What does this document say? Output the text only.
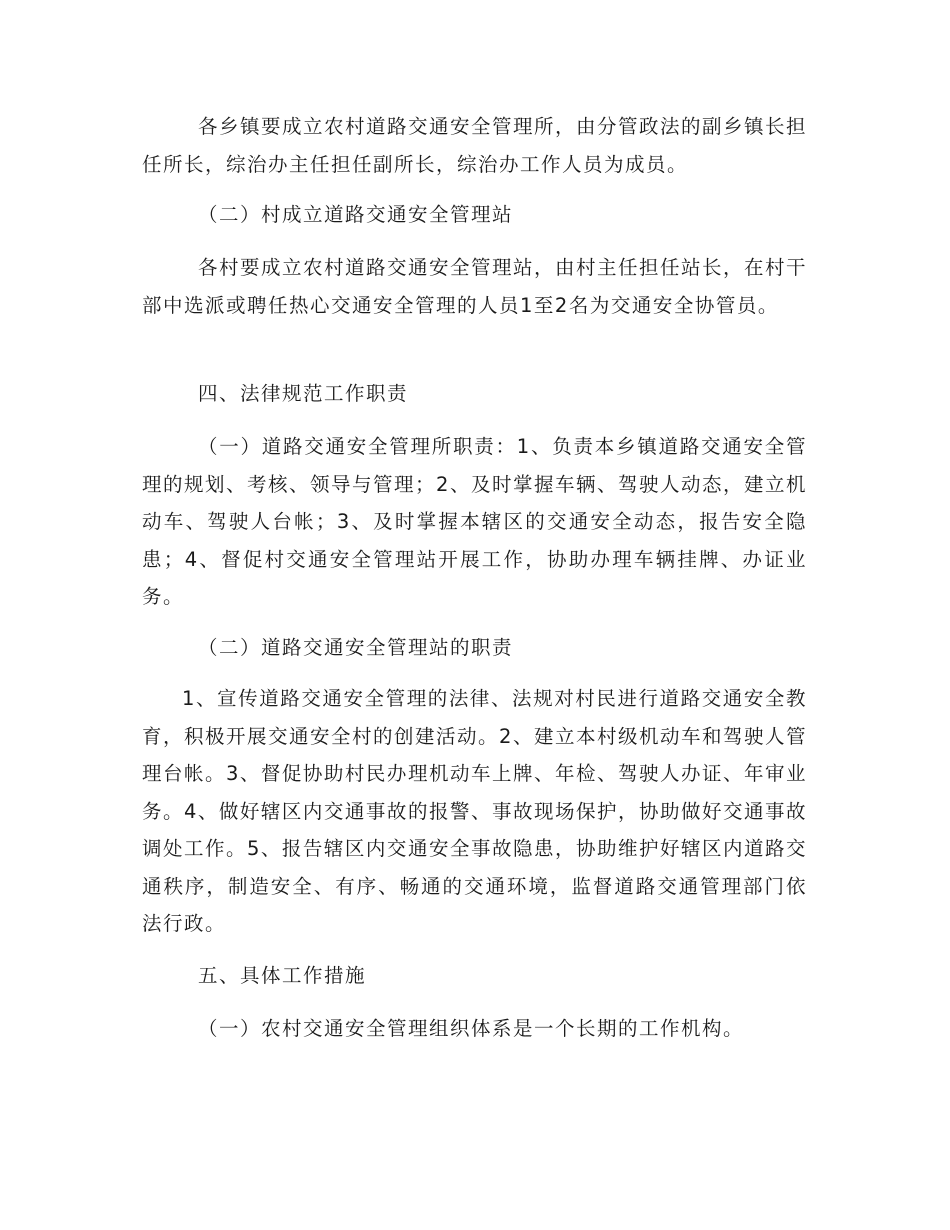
各乡镇要成立农村道路交通安全管理所，由分管政法的副乡镇长担任所长，综治办主任担任副所长，综治办工作人员为成员。

（二）村成立道路交通安全管理站

各村要成立农村道路交通安全管理站，由村主任担任站长，在村干部中选派或聘任热心交通安全管理的人员1至2名为交通安全协管员。

四、法律规范工作职责

（一）道路交通安全管理所职责：1、负责本乡镇道路交通安全管理的规划、考核、领导与管理；2、及时掌握车辆、驾驶人动态，建立机动车、驾驶人台帐；3、及时掌握本辖区的交通安全动态，报告安全隐患；4、督促村交通安全管理站开展工作，协助办理车辆挂牌、办证业务。

（二）道路交通安全管理站的职责

1、宣传道路交通安全管理的法律、法规对村民进行道路交通安全教育，积极开展交通安全村的创建活动。2、建立本村级机动车和驾驶人管理台帐。3、督促协助村民办理机动车上牌、年检、驾驶人办证、年审业务。4、做好辖区内交通事故的报警、事故现场保护，协助做好交通事故调处工作。5、报告辖区内交通安全事故隐患，协助维护好辖区内道路交通秩序，制造安全、有序、畅通的交通环境，监督道路交通管理部门依法行政。

五、具体工作措施

（一）农村交通安全管理组织体系是一个长期的工作机构。
